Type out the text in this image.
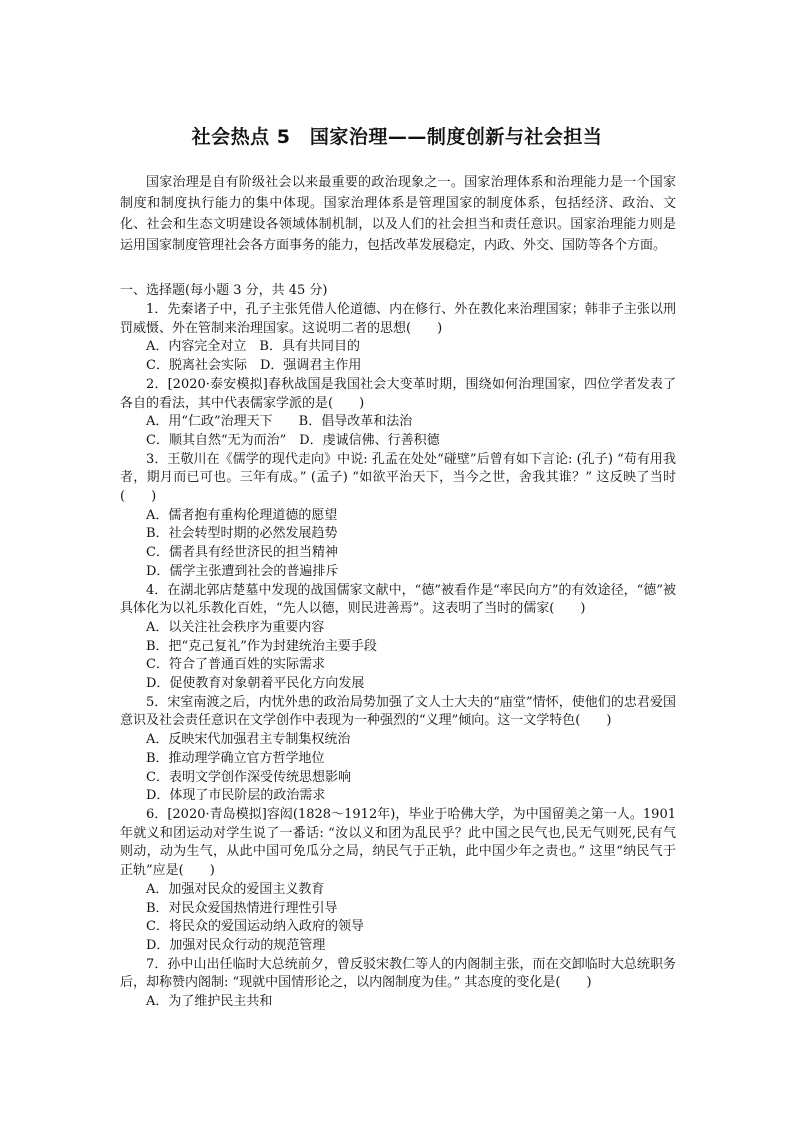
社会热点 5　国家治理——制度创新与社会担当

国家治理是自有阶级社会以来最重要的政治现象之一。国家治理体系和治理能力是一个国家制度和制度执行能力的集中体现。国家治理体系是管理国家的制度体系，包括经济、政治、文化、社会和生态文明建设各领域体制机制，以及人们的社会担当和责任意识。国家治理能力则是运用国家制度管理社会各方面事务的能力，包括改革发展稳定，内政、外交、国防等各个方面。

一、选择题(每小题 3 分，共 45 分)

1．先秦诸子中，孔子主张凭借人伦道德、内在修行、外在教化来治理国家；韩非子主张以刑罚威慑、外在管制来治理国家。这说明二者的思想(　　)

A．内容完全对立　B．具有共同目的

C．脱离社会实际　D．强调君主作用

2．[2020·泰安模拟]春秋战国是我国社会大变革时期，围绕如何治理国家，四位学者发表了各自的看法，其中代表儒家学派的是(　　)

A．用“仁政”治理天下　　B．倡导改革和法治

C．顺其自然“无为而治”　D．虔诚信佛、行善积德

3．王敬川在《儒学的现代走向》中说: 孔孟在处处“碰壁”后曾有如下言论: (孔子) “苟有用我者，期月而已可也。三年有成。” (孟子) “如欲平治天下，当今之世，舍我其谁？” 这反映了当时(　　)

A．儒者抱有重构伦理道德的愿望

B．社会转型时期的必然发展趋势

C．儒者具有经世济民的担当精神

D．儒学主张遭到社会的普遍排斥

4．在湖北郭店楚墓中发现的战国儒家文献中，“德”被看作是“率民向方”的有效途径，“德”被具体化为以礼乐教化百姓，“先人以德，则民进善焉”。这表明了当时的儒家(　　)

A．以关注社会秩序为重要内容

B．把“克己复礼”作为封建统治主要手段

C．符合了普通百姓的实际需求

D．促使教育对象朝着平民化方向发展

5．宋室南渡之后，内忧外患的政治局势加强了文人士大夫的“庙堂”情怀，使他们的忠君爱国意识及社会责任意识在文学创作中表现为一种强烈的“义理”倾向。这一文学特色(　　)

A．反映宋代加强君主专制集权统治

B．推动理学确立官方哲学地位

C．表明文学创作深受传统思想影响

D．体现了市民阶层的政治需求

6．[2020·青岛模拟]容闳(1828～1912年)，毕业于哈佛大学，为中国留美之第一人。1901年就义和团运动对学生说了一番话: “汝以义和团为乱民乎？此中国之民气也,民无气则死,民有气则动，动为生气，从此中国可免瓜分之局，纳民气于正轨，此中国少年之责也。” 这里“纳民气于正轨”应是(　　)

A．加强对民众的爱国主义教育

B．对民众爱国热情进行理性引导

C．将民众的爱国运动纳入政府的领导

D．加强对民众行动的规范管理

7．孙中山出任临时大总统前夕，曾反驳宋教仁等人的内阁制主张，而在交卸临时大总统职务后，却称赞内阁制: “现就中国情形论之，以内阁制度为佳。” 其态度的变化是(　　)

A．为了维护民主共和
